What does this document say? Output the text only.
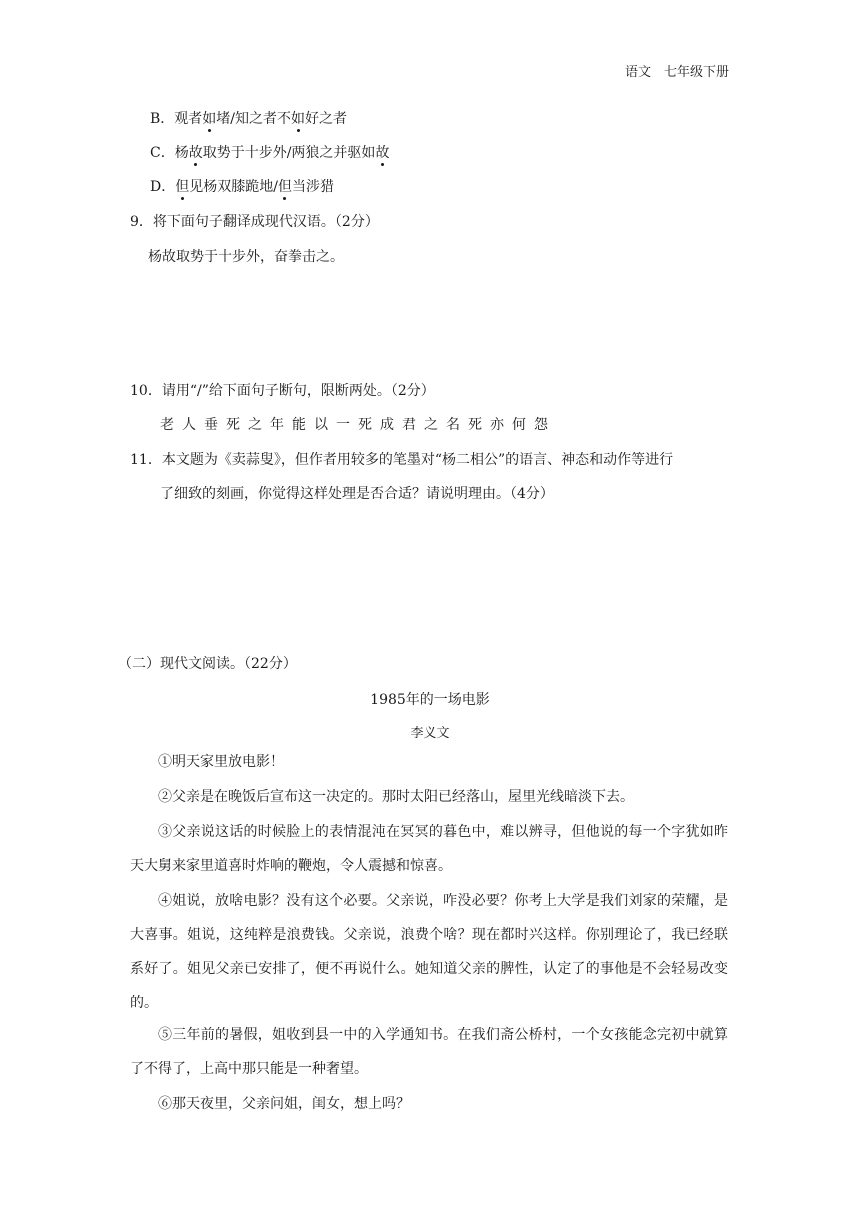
语文　七年级下册
B．观者如堵/知之者不如好之者
C．杨故取势于十步外/两狼之并驱如故
D．但见杨双膝跪地/但当涉猎
9．将下面句子翻译成现代汉语。（2分）
杨故取势于十步外，奋拳击之。
10．请用“/”给下面句子断句，限断两处。（2分）
老人垂死之年能以一死成君之名死亦何怨
11．本文题为《卖蒜叟》，但作者用较多的笔墨对“杨二相公”的语言、神态和动作等进行
了细致的刻画，你觉得这样处理是否合适？请说明理由。（4分）
（二）现代文阅读。（22分）
1985年的一场电影
李义文
①明天家里放电影！
②父亲是在晚饭后宣布这一决定的。那时太阳已经落山，屋里光线暗淡下去。
③父亲说这话的时候脸上的表情混沌在冥冥的暮色中，难以辨寻，但他说的每一个字犹如昨天大舅来家里道喜时炸响的鞭炮，令人震撼和惊喜。
④姐说，放啥电影？没有这个必要。父亲说，咋没必要？你考上大学是我们刘家的荣耀，是大喜事。姐说，这纯粹是浪费钱。父亲说，浪费个啥？现在都时兴这样。你别理论了，我已经联系好了。姐见父亲已安排了，便不再说什么。她知道父亲的脾性，认定了的事他是不会轻易改变的。
⑤三年前的暑假，姐收到县一中的入学通知书。在我们斋公桥村，一个女孩能念完初中就算了不得了，上高中那只能是一种奢望。
⑥那天夜里，父亲问姐，闺女，想上吗？
